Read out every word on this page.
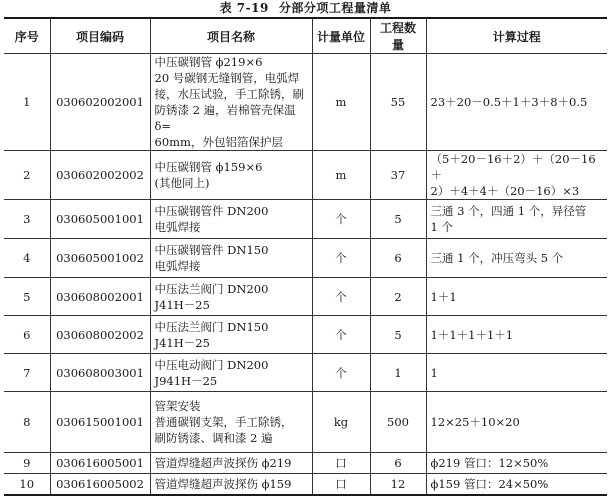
表 7-19 分部分项工程量清单
序号	项目编码	项目名称	计量单位	工程数量	计算过程
1	030602002001	中压碳钢管 ϕ219×6
20 号碳钢无缝钢管，电弧焊
接，水压试验，手工除锈，刷
防锈漆 2 遍，岩棉管壳保温 δ=
60mm，外包铝箔保护层	m	55	23＋20－0.5＋1＋3＋8＋0.5

2	030602002002	中压碳钢管 ϕ159×6
(其他同上)	m	37	（5＋20－16＋2）＋（20－16＋
2）＋4＋4＋（20－16）×3

3	030605001001	中压碳钢管件 DN200
电弧焊接	个	5	三通 3 个，四通 1 个，异径管
1 个

4	030605001002	中压碳钢管件 DN150
电弧焊接	个	6	三通 1 个，冲压弯头 5 个

5	030608002001	中压法兰阀门 DN200
J41H－25	个	2	1＋1

6	030608002002	中压法兰阀门 DN150
J41H－25	个	5	1＋1＋1＋1＋1

7	030608003001	中压电动阀门 DN200
J941H－25	个	1	1

8	030615001001	管架安装
普通碳钢支架，手工除锈，
刷防锈漆、调和漆 2 遍	kg	500	12×25＋10×20

9	030616005001	管道焊缝超声波探伤 ϕ219	口	6	ϕ219 管口：12×50%

10	030616005002	管道焊缝超声波探伤 ϕ159	口	12	ϕ159 管口：24×50%
